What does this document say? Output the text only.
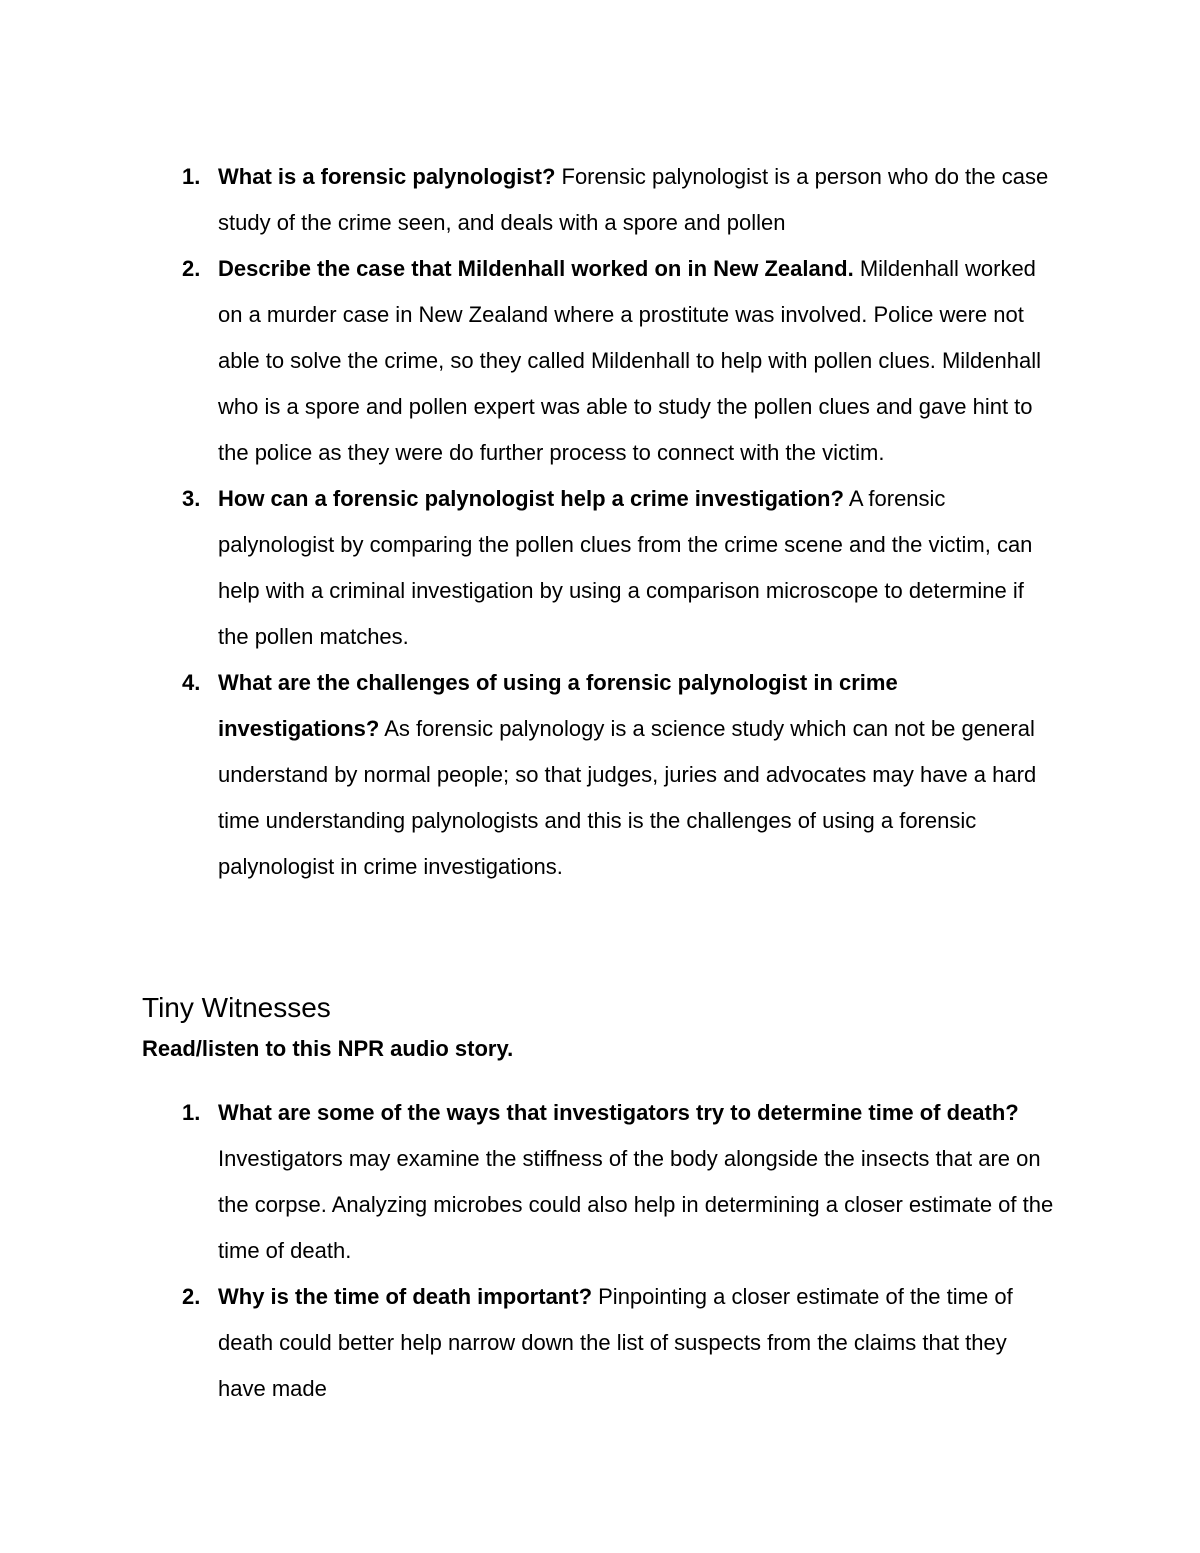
1. What is a forensic palynologist? Forensic palynologist is a person who do the case study of the crime seen, and deals with a spore and pollen
2. Describe the case that Mildenhall worked on in New Zealand. Mildenhall worked on a murder case in New Zealand where a prostitute was involved. Police were not able to solve the crime, so they called Mildenhall to help with pollen clues. Mildenhall who is a spore and pollen expert was able to study the pollen clues and gave hint to the police as they were do further process to connect with the victim.
3. How can a forensic palynologist help a crime investigation? A forensic palynologist by comparing the pollen clues from the crime scene and the victim, can help with a criminal investigation by using a comparison microscope to determine if the pollen matches.
4. What are the challenges of using a forensic palynologist in crime investigations? As forensic palynology is a science study which can not be general understand by normal people; so that judges, juries and advocates may have a hard time understanding palynologists and this is the challenges of using a forensic palynologist in crime investigations.
Tiny Witnesses
Read/listen to this NPR audio story.
1. What are some of the ways that investigators try to determine time of death? Investigators may examine the stiffness of the body alongside the insects that are on the corpse. Analyzing microbes could also help in determining a closer estimate of the time of death.
2. Why is the time of death important? Pinpointing a closer estimate of the time of death could better help narrow down the list of suspects from the claims that they have made
